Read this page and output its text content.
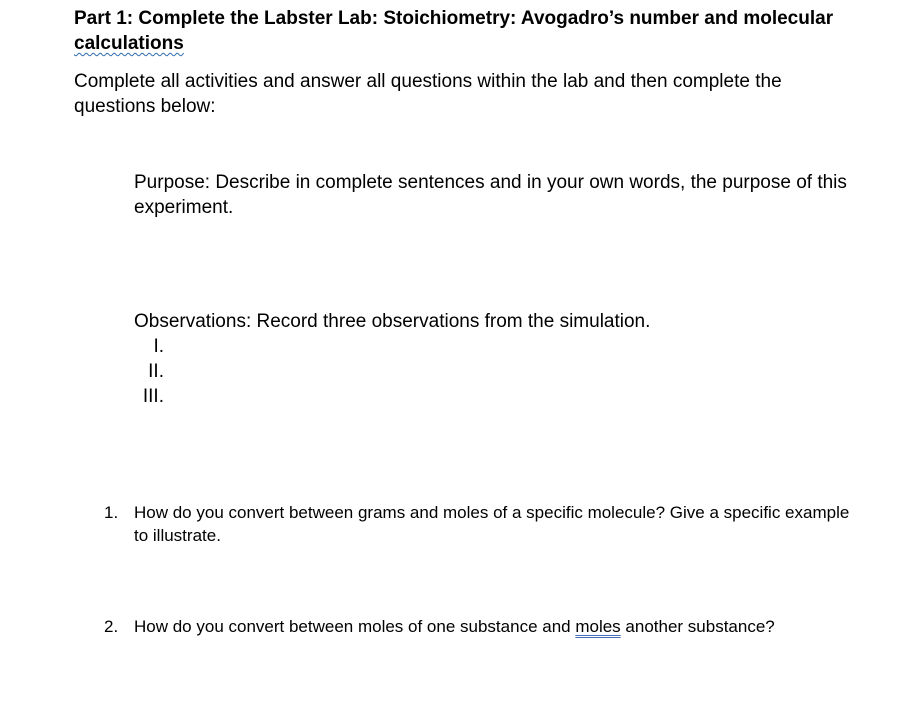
Part 1: Complete the Labster Lab: Stoichiometry: Avogadro’s number and molecular calculations

Complete all activities and answer all questions within the lab and then complete the questions below:

Purpose: Describe in complete sentences and in your own words, the purpose of this experiment.

Observations: Record three observations from the simulation.

I.
II.
III.
1. How do you convert between grams and moles of a specific molecule? Give a specific example to illustrate.
2. How do you convert between moles of one substance and moles another substance?
